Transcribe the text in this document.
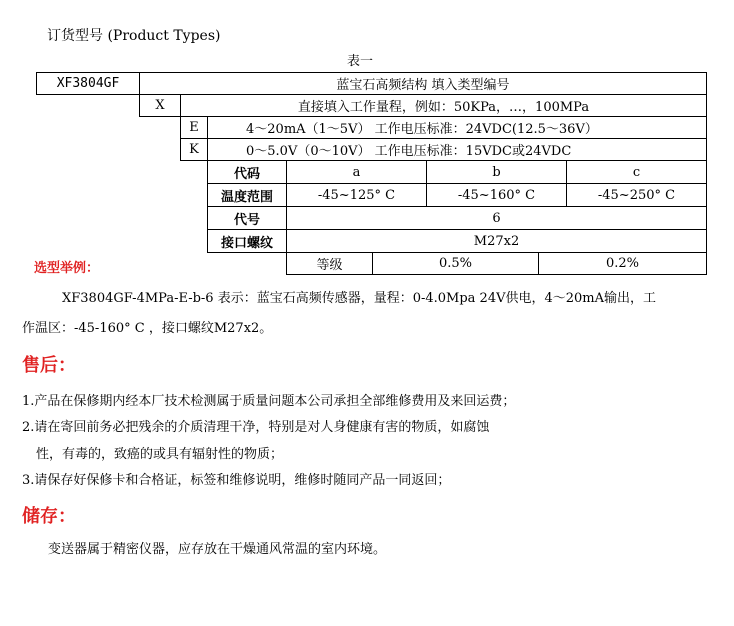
订货型号 (Product Types)
表一
XF3804GF	蓝宝石高频结构 填入类型编号
X	直接填入工作量程，例如：50KPa，…，100MPa
E	4～20mA（1～5V） 工作电压标准：24VDC(12.5～36V）
K	0～5.0V（0～10V） 工作电压标准：15VDC或24VDC
代码	a	b	c
温度范围	-45~125° C	-45~160° C	-45~250° C
代号	6
接口螺纹	M27x2
等级	0.5%	0.2%
选型举例：
XF3804GF-4MPa-E-b-6 表示：蓝宝石高频传感器，量程：0-4.0Mpa 24V供电，4～20mA输出，工
作温区：-45-160° C ，接口螺纹M27x2。
售后：
1.产品在保修期内经本厂技术检测属于质量问题本公司承担全部维修费用及来回运费；
2.请在寄回前务必把残余的介质清理干净，特别是对人身健康有害的物质，如腐蚀
性，有毒的，致癌的或具有辐射性的物质；
3.请保存好保修卡和合格证，标签和维修说明，维修时随同产品一同返回；
储存：
变送器属于精密仪器，应存放在干燥通风常温的室内环境。
